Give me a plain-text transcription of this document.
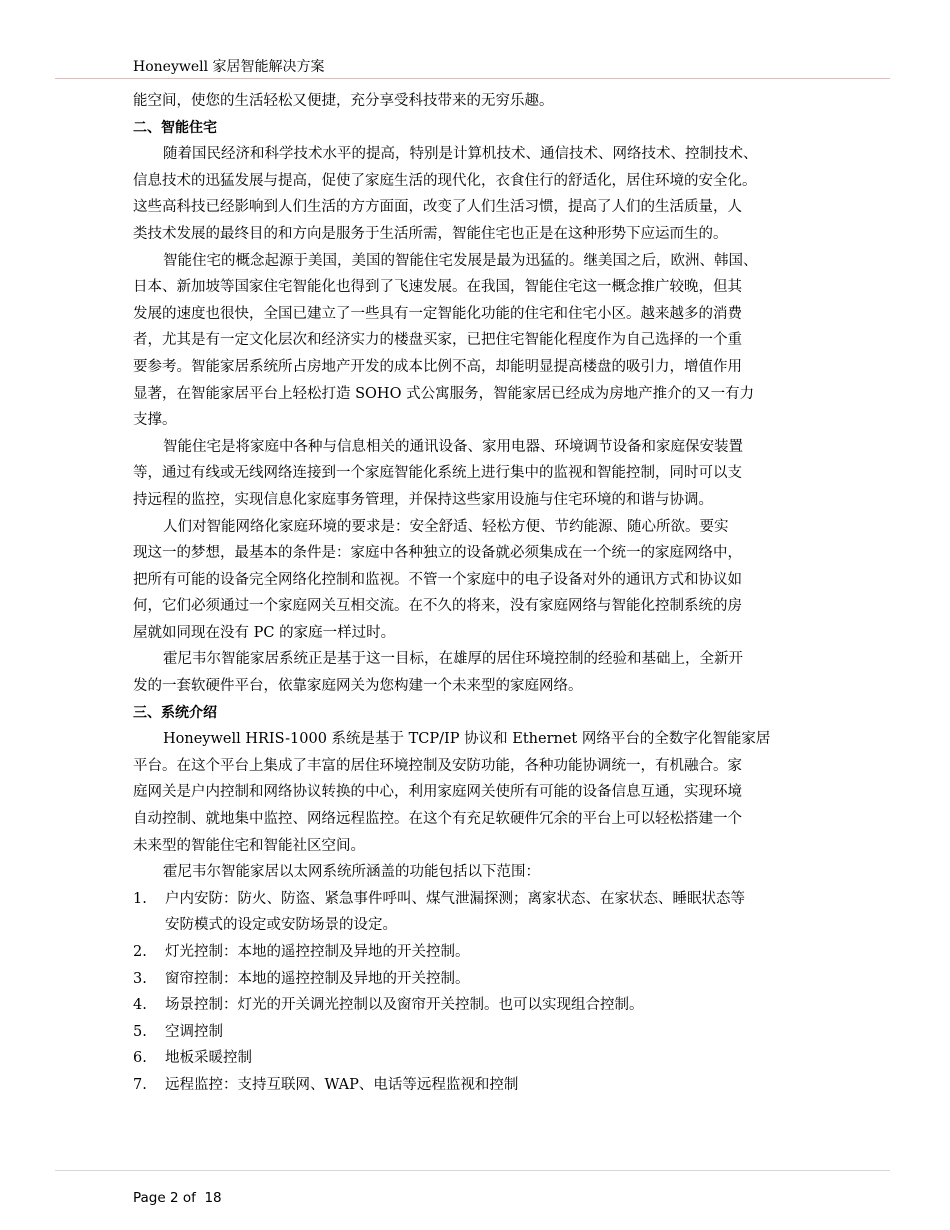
Honeywell 家居智能解决方案
能空间，使您的生活轻松又便捷，充分享受科技带来的无穷乐趣。
二、智能住宅
随着国民经济和科学技术水平的提高，特别是计算机技术、通信技术、网络技术、控制技术、
信息技术的迅猛发展与提高，促使了家庭生活的现代化，衣食住行的舒适化，居住环境的安全化。
这些高科技已经影响到人们生活的方方面面，改变了人们生活习惯，提高了人们的生活质量，人
类技术发展的最终目的和方向是服务于生活所需，智能住宅也正是在这种形势下应运而生的。
智能住宅的概念起源于美国，美国的智能住宅发展是最为迅猛的。继美国之后，欧洲、韩国、
日本、新加坡等国家住宅智能化也得到了飞速发展。在我国，智能住宅这一概念推广较晚，但其
发展的速度也很快，全国已建立了一些具有一定智能化功能的住宅和住宅小区。越来越多的消费
者，尤其是有一定文化层次和经济实力的楼盘买家，已把住宅智能化程度作为自己选择的一个重
要参考。智能家居系统所占房地产开发的成本比例不高，却能明显提高楼盘的吸引力，增值作用
显著，在智能家居平台上轻松打造 SOHO 式公寓服务，智能家居已经成为房地产推介的又一有力
支撑。
智能住宅是将家庭中各种与信息相关的通讯设备、家用电器、环境调节设备和家庭保安装置
等，通过有线或无线网络连接到一个家庭智能化系统上进行集中的监视和智能控制，同时可以支
持远程的监控，实现信息化家庭事务管理，并保持这些家用设施与住宅环境的和谐与协调。
人们对智能网络化家庭环境的要求是：安全舒适、轻松方便、节约能源、随心所欲。要实
现这一的梦想，最基本的条件是：家庭中各种独立的设备就必须集成在一个统一的家庭网络中，
把所有可能的设备完全网络化控制和监视。不管一个家庭中的电子设备对外的通讯方式和协议如
何，它们必须通过一个家庭网关互相交流。在不久的将来，没有家庭网络与智能化控制系统的房
屋就如同现在没有 PC 的家庭一样过时。
霍尼韦尔智能家居系统正是基于这一目标，在雄厚的居住环境控制的经验和基础上，全新开
发的一套软硬件平台，依靠家庭网关为您构建一个未来型的家庭网络。
三、系统介绍
Honeywell HRIS-1000 系统是基于 TCP/IP 协议和 Ethernet 网络平台的全数字化智能家居
平台。在这个平台上集成了丰富的居住环境控制及安防功能，各种功能协调统一，有机融合。家
庭网关是户内控制和网络协议转换的中心，利用家庭网关使所有可能的设备信息互通，实现环境
自动控制、就地集中监控、网络远程监控。在这个有充足软硬件冗余的平台上可以轻松搭建一个
未来型的智能住宅和智能社区空间。
霍尼韦尔智能家居以太网系统所涵盖的功能包括以下范围：
1. 户内安防：防火、防盗、紧急事件呼叫、煤气泄漏探测；离家状态、在家状态、睡眠状态等
安防模式的设定或安防场景的设定。
2. 灯光控制：本地的遥控控制及异地的开关控制。
3. 窗帘控制：本地的遥控控制及异地的开关控制。
4. 场景控制：灯光的开关调光控制以及窗帘开关控制。也可以实现组合控制。
5. 空调控制
6. 地板采暖控制
7. 远程监控：支持互联网、WAP、电话等远程监视和控制
Page 2 of 18
